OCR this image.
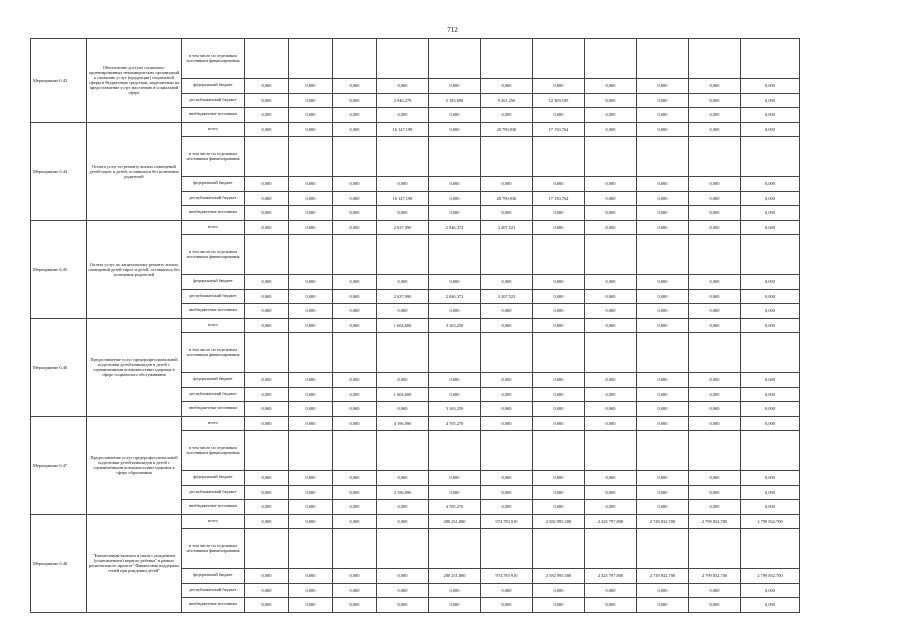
712
Мероприятие 6.43	Обеспечение доступа социально-ориентированных некоммерческих организаций к оказанию услуг (продукции) социальной сферы в бюджетным средствам, выделяемым на предоставление услуг населению в социальной сфере	в том числе по отдельным источникам финансирования											
		федеральный бюджет	0,000	0,000	0,000	0,000	0,000	0,000	0,000	0,000	0,000	0,000	0,000
		республиканский бюджет	0,000	0,000	0,000	2 946,279	5 183,690	9 261,256	12 309,185	0,000	0,000	0,000	0,000
		внебюджетные источники	0,000	0,000	0,000	0,000	0,000	0,000	0,000	0,000	0,000	0,000	0,000
Мероприятие 6.44	Оплата услуг по ремонту жилых помещений детей-сирот и детей, оставшихся без попечения родителей	всего	0,000	0,000	0,000	16 147,198	0,000	20 790,930	17 150,764	0,000	0,000	0,000	0,000
		в том числе по отдельным источникам финансирования											
		федеральный бюджет	0,000	0,000	0,000	0,000	0,000	0,000	0,000	0,000	0,000	0,000	0,000
		республиканский бюджет	0,000	0,000	0,000	16 147,198	0,000	20 790,930	17 150,764	0,000	0,000	0,000	0,000
		внебюджетные источники	0,000	0,000	0,000	0,000	0,000	0,000	0,000	0,000	0,000	0,000	0,000
Мероприятие 6.45	Оплата услуг по капитальному ремонту жилых помещений детей-сирот и детей, оставшихся без попечения родителей	всего	0,000	0,000	0,000	2 637,990	2 046,372	3 207,523	0,000	0,000	0,000	0,000	0,000
		в том числе по отдельным источникам финансирования											
		федеральный бюджет	0,000	0,000	0,000	0,000	0,000	0,000	0,000	0,000	0,000	0,000	0,000
		республиканский бюджет	0,000	0,000	0,000	2 637,990	2 046,372	3 207,523	0,000	0,000	0,000	0,000	0,000
		внебюджетные источники	0,000	0,000	0,000	0,000	0,000	0,000	0,000	0,000	0,000	0,000	0,000
Мероприятие 6.46	Предоставление услуг предпрофессиональной подготовки детей-инвалидов и детей с ограниченными возможностями здоровья в сфере социального обслуживания	всего	0,000	0,000	0,000	1 604,600	3 163,250	0,000	0,000	0,000	0,000	0,000	0,000
		в том числе по отдельным источникам финансирования											
		федеральный бюджет	0,000	0,000	0,000	0,000	0,000	0,000	0,000	0,000	0,000	0,000	0,000
		республиканский бюджет	0,000	0,000	0,000	1 604,600	0,000	0,000	0,000	0,000	0,000	0,000	0,000
		внебюджетные источники	0,000	0,000	0,000	0,000	3 163,250	0,000	0,000	0,000	0,000	0,000	0,000
Мероприятие 6.47	Предоставление услуг предпрофессиональной подготовки детей-инвалидов и детей с ограниченными возможностями здоровья в сфере образования	всего	0,000	0,000	0,000	4 196,090	4 705,270	0,000	0,000	0,000	0,000	0,000	0,000
		в том числе по отдельным источникам финансирования											
		федеральный бюджет	0,000	0,000	0,000	0,000	0,000	0,000	0,000	0,000	0,000	0,000	0,000
		республиканский бюджет	0,000	0,000	0,000	4 196,090	0,000	0,000	0,000	0,000	0,000	0,000	0,000
		внебюджетные источники	0,000	0,000	0,000	0,000	4 705,270	0,000	0,000	0,000	0,000	0,000	0,000
Мероприятие 6.48	"Ежемесячная выплата в связи с рождением (усыновлением) первого ребенка" в рамках регионального проекта "Финансовая поддержка семей при рождении детей"	всего	0,000	0,000	0,000	0,000	280 251,880	974 783 910	2 582 995,300	2 425 797,800	2 749 832,700	2 799 832,700	2 799 832,700
		в том числе по отдельным источникам финансирования											
		федеральный бюджет	0,000	0,000	0,000	0,000	280 251,880	974 783 910	2 582 995,300	2 425 797,800	2 749 832,700	2 799 832,700	2 799 832,700
		республиканский бюджет	0,000	0,000	0,000	0,000	0,000	0,000	0,000	0,000	0,000	0,000	0,000
		внебюджетные источники	0,000	0,000	0,000	0,000	0,000	0,000	0,000	0,000	0,000	0,000	0,000
